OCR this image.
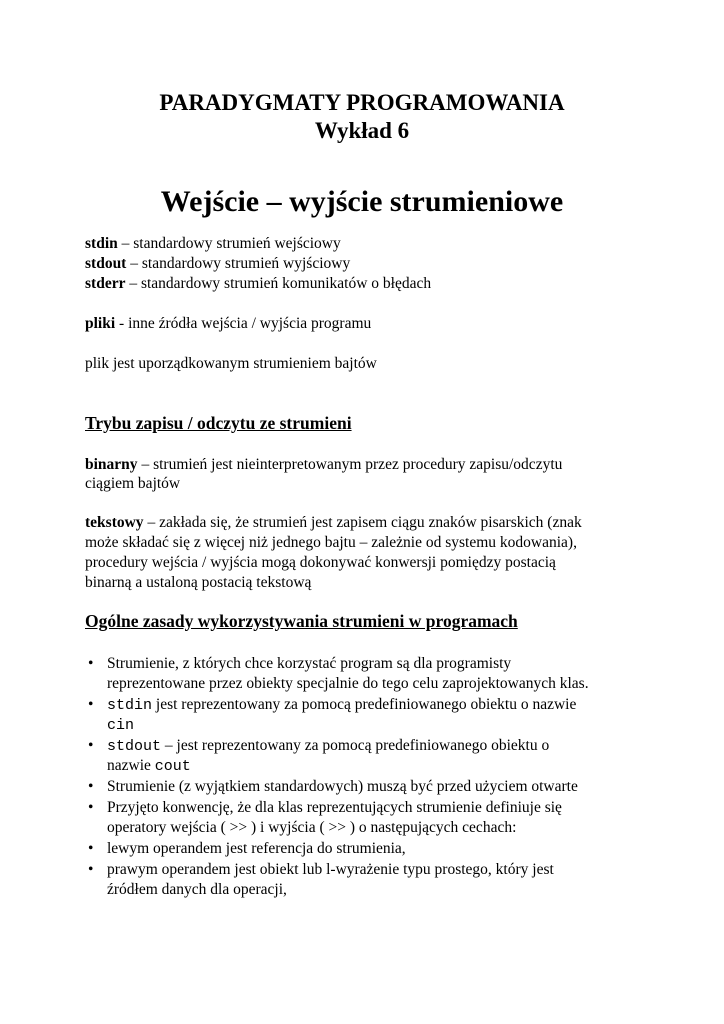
PARADYGMATY PROGRAMOWANIA
Wykład 6
Wejście – wyjście strumieniowe
stdin – standardowy strumień wejściowy
stdout – standardowy strumień wyjściowy
stderr – standardowy strumień komunikatów o błędach
pliki - inne źródła wejścia / wyjścia programu
plik jest uporządkowanym strumieniem bajtów
Trybu zapisu / odczytu ze strumieni
binarny – strumień jest nieinterpretowanym przez procedury zapisu/odczytu
ciągiem bajtów
tekstowy – zakłada się, że strumień jest zapisem ciągu znaków pisarskich (znak
może składać się z więcej niż jednego bajtu – zależnie od systemu kodowania),
procedury wejścia / wyjścia mogą dokonywać konwersji pomiędzy postacią
binarną a ustaloną postacią tekstową
Ogólne zasady wykorzystywania strumieni w programach
• Strumienie, z których chce korzystać program są dla programisty
reprezentowane przez obiekty specjalnie do tego celu zaprojektowanych klas.
• stdin jest reprezentowany za pomocą predefiniowanego obiektu o nazwie
cin
• stdout – jest reprezentowany za pomocą predefiniowanego obiektu o
nazwie cout
• Strumienie (z wyjątkiem standardowych) muszą być przed użyciem otwarte
• Przyjęto konwencję, że dla klas reprezentujących strumienie definiuje się
operatory wejścia ( >> ) i wyjścia ( >> ) o następujących cechach:
• lewym operandem jest referencja do strumienia,
• prawym operandem jest obiekt lub l-wyrażenie typu prostego, który jest
źródłem danych dla operacji,
